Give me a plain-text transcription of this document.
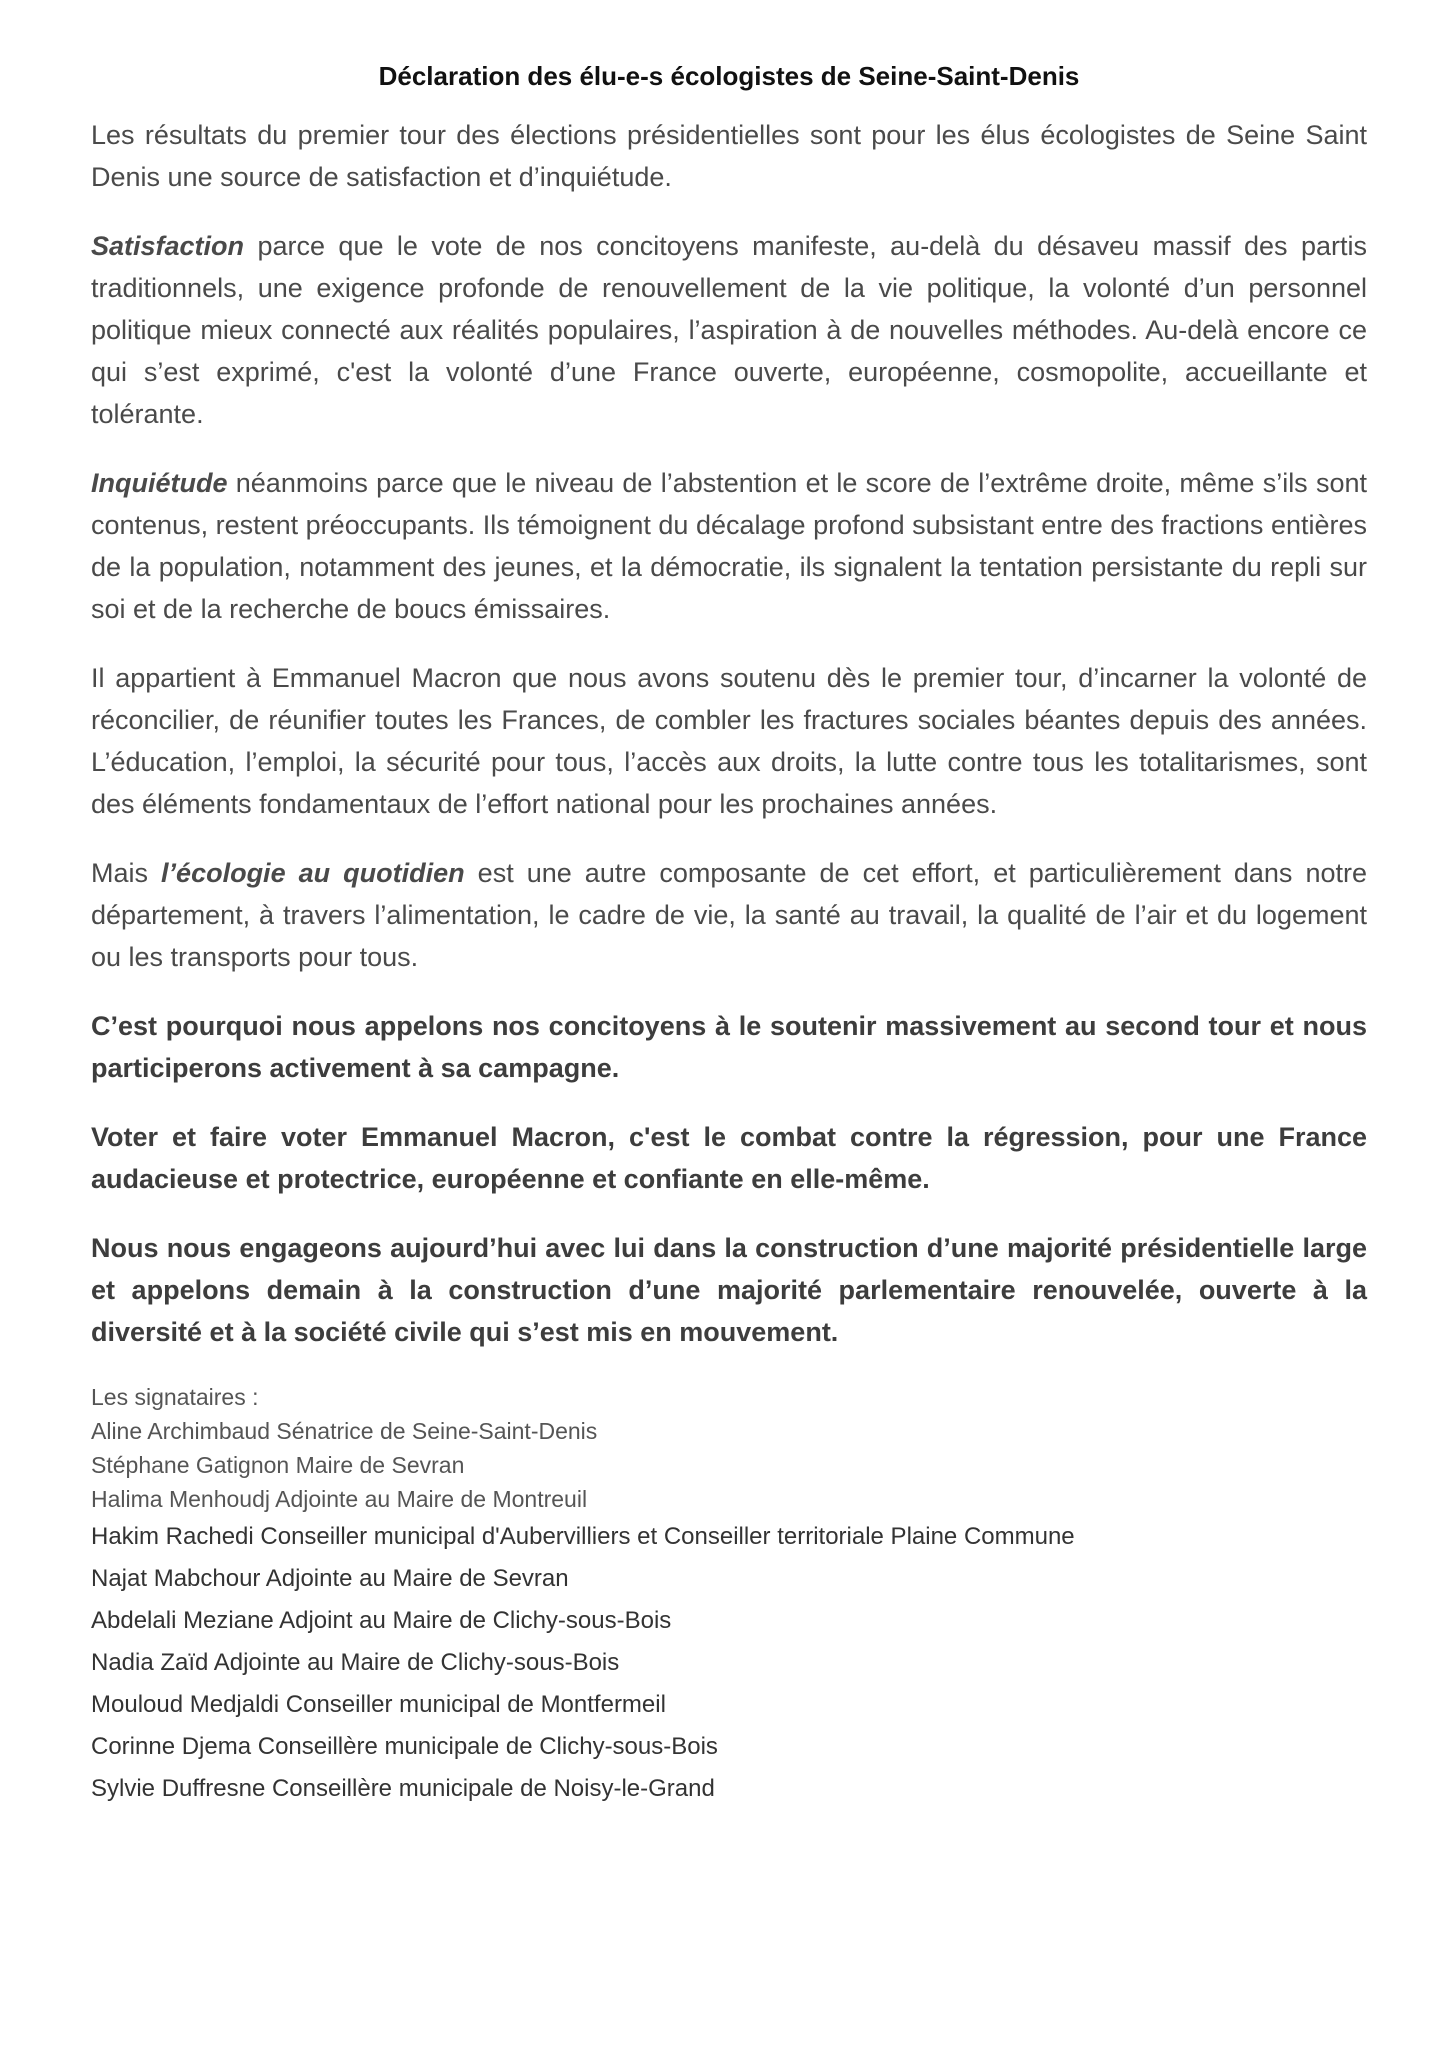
Déclaration des élu-e-s écologistes de Seine-Saint-Denis

Les résultats du premier tour des élections présidentielles sont pour les élus écologistes de Seine Saint Denis une source de satisfaction et d’inquiétude.

Satisfaction parce que le vote de nos concitoyens manifeste, au-delà du désaveu massif des partis traditionnels, une exigence profonde de renouvellement de la vie politique, la volonté d’un personnel politique mieux connecté aux réalités populaires, l’aspiration à de nouvelles méthodes. Au-delà encore ce qui s’est exprimé, c'est la volonté d’une France ouverte, européenne, cosmopolite, accueillante et tolérante.

Inquiétude néanmoins parce que le niveau de l’abstention et le score de l’extrême droite, même s’ils sont contenus, restent préoccupants. Ils témoignent du décalage profond subsistant entre des fractions entières de la population, notamment des jeunes, et la démocratie, ils signalent la tentation persistante du repli sur soi et de la recherche de boucs émissaires.

Il appartient à Emmanuel Macron que nous avons soutenu dès le premier tour, d’incarner la volonté de réconcilier, de réunifier toutes les Frances, de combler les fractures sociales béantes depuis des années. L’éducation, l’emploi, la sécurité pour tous, l’accès aux droits, la lutte contre tous les totalitarismes, sont des éléments fondamentaux de l’effort national pour les prochaines années.

Mais l’écologie au quotidien est une autre composante de cet effort, et particulièrement dans notre département, à travers l’alimentation, le cadre de vie, la santé au travail, la qualité de l’air et du logement ou les transports pour tous.

C’est pourquoi nous appelons nos concitoyens à le soutenir massivement au second tour et nous participerons activement à sa campagne.

Voter et faire voter Emmanuel Macron, c'est le combat contre la régression, pour une France audacieuse et protectrice, européenne et confiante en elle-même.

Nous nous engageons aujourd’hui avec lui dans la construction d’une majorité présidentielle large et appelons demain à la construction d’une majorité parlementaire renouvelée, ouverte à la diversité et à la société civile qui s’est mis en mouvement.

Les signataires :

Aline Archimbaud Sénatrice de Seine-Saint-Denis

Stéphane Gatignon Maire de Sevran

Halima Menhoudj Adjointe au Maire de Montreuil

Hakim Rachedi Conseiller municipal d'Aubervilliers et Conseiller territoriale Plaine Commune

Najat Mabchour Adjointe au Maire de Sevran

Abdelali Meziane Adjoint au Maire de Clichy-sous-Bois

Nadia Zaïd Adjointe au Maire de Clichy-sous-Bois

Mouloud Medjaldi Conseiller municipal de Montfermeil

Corinne Djema Conseillère municipale de Clichy-sous-Bois

Sylvie Duffresne Conseillère municipale de Noisy-le-Grand
